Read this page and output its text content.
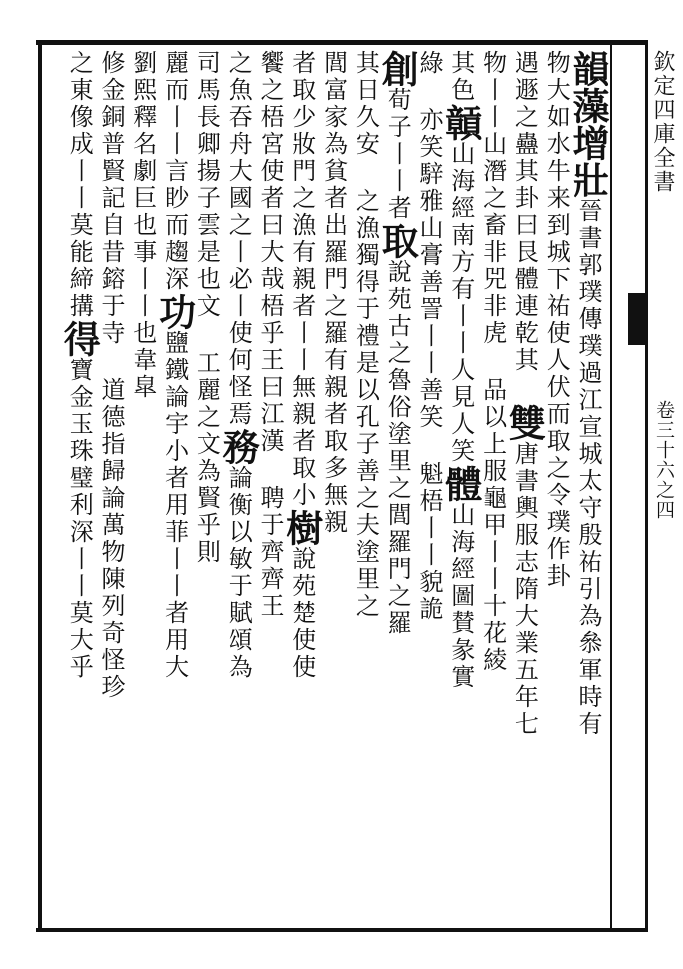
欽定四庫全書
卷三十六之四
韻藻增壯晉書郭璞傳璞過江宣城太守殷祐引為叅軍時有
物大如水牛来到城下祐使人伏而取之令璞作卦
遇遯之蠱其卦曰艮體連乾其雙唐書輿服志隋大業五年七
物丨丨山潛之畜非兕非虎品以上服龜甲丨丨十花綾
其色贑山海經南方有丨丨人見人笑體山海經圖賛彖實
綠亦笑騂雅山膏善詈丨丨善笑魁梧丨丨貌詭
創荀子丨丨者取說苑古之魯俗塗里之閭羅門之羅
其日久安之漁獨得于禮是以孔子善之夫塗里之
閭富家為貧者出羅門之羅有親者取多無親
者取少妝門之漁有親者丨丨無親者取小樹說苑楚使使
饗之梧宮使者曰大哉梧乎王曰江漢聘于齊齊王
之魚吞舟大國之丨必丨使何怪焉務論衡以敏于賦頌為
司馬長卿揚子雲是也文工麗之文為賢乎則
麗而丨丨言眇而趨深功鹽鐵論宇小者用菲丨丨者用大
劉熙釋名劇巨也事丨丨也韋皐
修金銅普賢記自昔鎔于寺道德指歸論萬物陳列奇怪珍
之東像成丨丨莫能締搆得寶金玉珠璧利深丨丨莫大乎
